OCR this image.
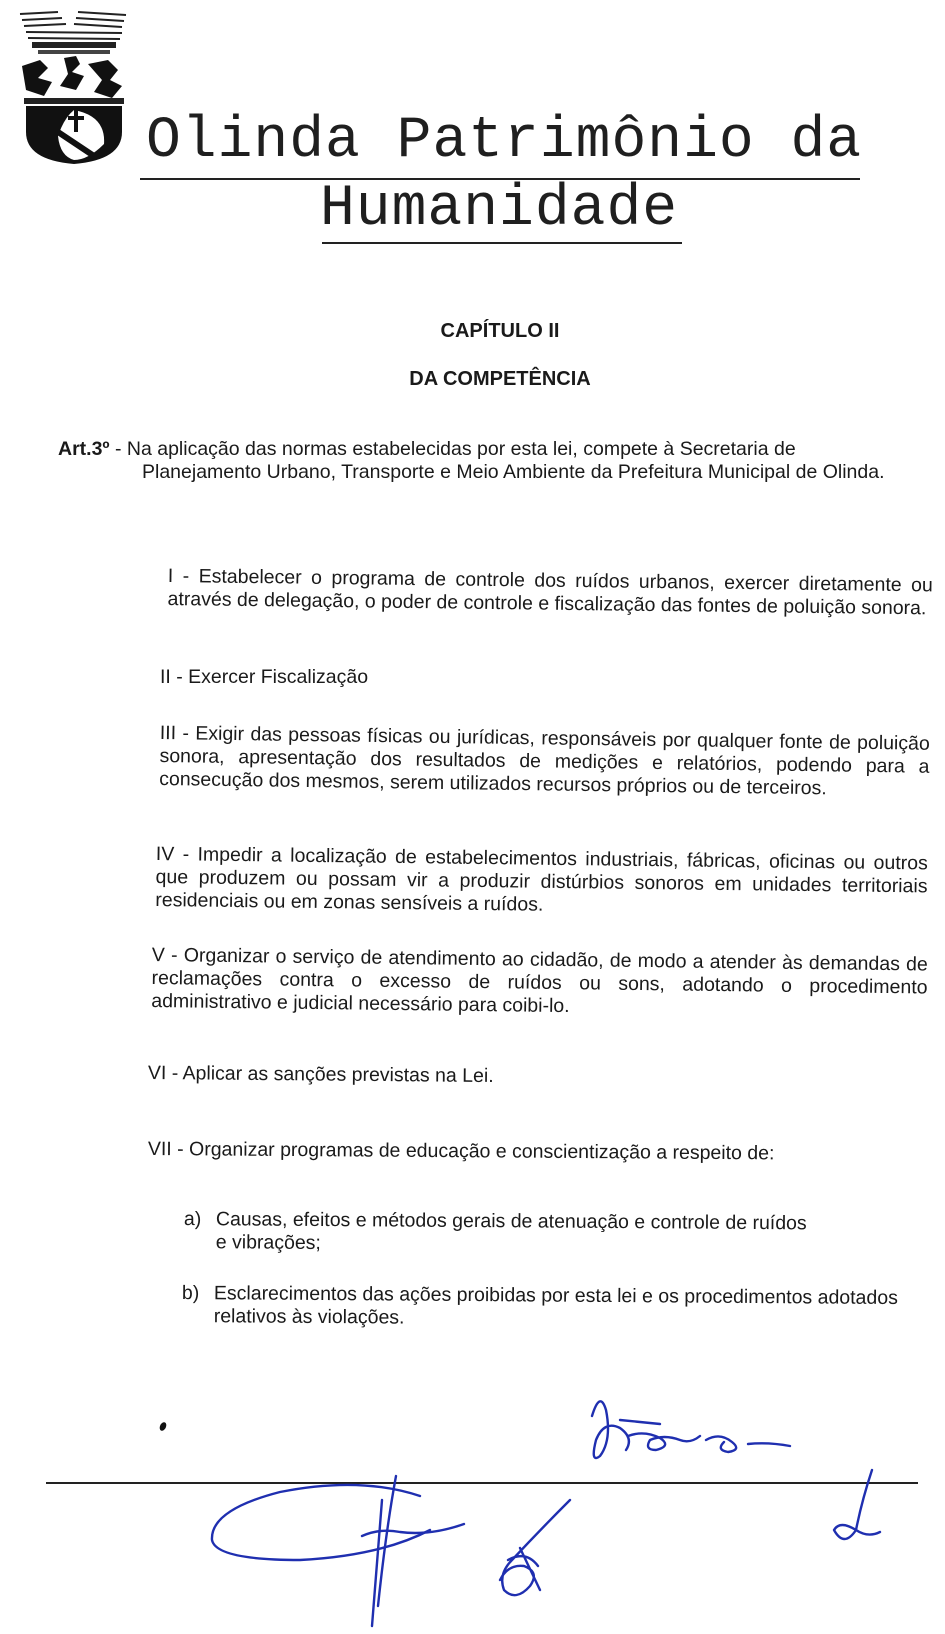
Olinda Patrimônio da
Humanidade
CAPÍTULO II
DA COMPETÊNCIA
Art.3º - Na aplicação das normas estabelecidas por esta lei, compete à Secretaria de
Planejamento Urbano, Transporte e Meio Ambiente da Prefeitura Municipal de Olinda.
I - Estabelecer o programa de controle dos ruídos urbanos, exercer diretamente ou através de delegação, o poder de controle e fiscalização das fontes de poluição sonora.
II - Exercer Fiscalização
III - Exigir das pessoas físicas ou jurídicas, responsáveis por qualquer fonte de poluição sonora, apresentação dos resultados de medições e relatórios, podendo para a consecução dos mesmos, serem utilizados recursos próprios ou de terceiros.
IV - Impedir a localização de estabelecimentos industriais, fábricas, oficinas ou outros que produzem ou possam vir a produzir distúrbios sonoros em unidades territoriais residenciais ou em zonas sensíveis a ruídos.
V - Organizar o serviço de atendimento ao cidadão, de modo a atender às demandas de reclamações contra o excesso de ruídos ou sons, adotando o procedimento administrativo e judicial necessário para coibi-lo.
VI - Aplicar as sanções previstas na Lei.
VII - Organizar programas de educação e conscientização a respeito de:
a) Causas, efeitos e métodos gerais de atenuação e controle de ruídos e vibrações;
b) Esclarecimentos das ações proibidas por esta lei e os procedimentos adotados relativos às violações.
